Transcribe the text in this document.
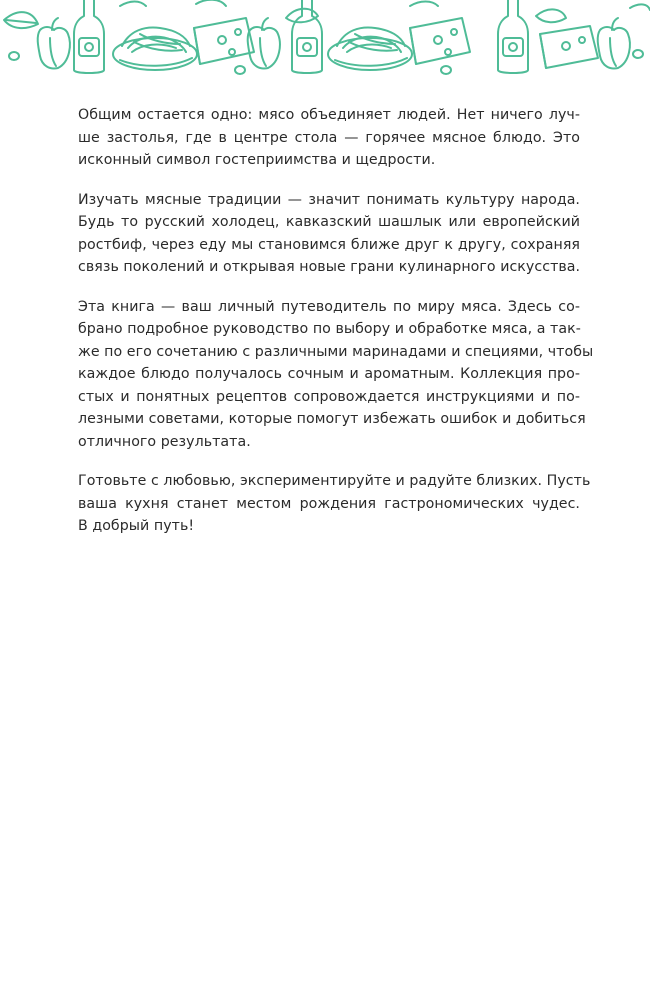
Общим остается одно: мясо объединяет людей. Нет ничего луч-
ше застолья, где в центре стола — горячее мясное блюдо. Это
исконный символ гостеприимства и щедрости.

Изучать мясные традиции — значит понимать культуру народа.
Будь то русский холодец, кавказский шашлык или европейский
ростбиф, через еду мы становимся ближе друг к другу, сохраняя
связь поколений и открывая новые грани кулинарного искусства.

Эта книга — ваш личный путеводитель по миру мяса. Здесь со-
брано подробное руководство по выбору и обработке мяса, а так-
же по его сочетанию с различными маринадами и специями, чтобы
каждое блюдо получалось сочным и ароматным. Коллекция про-
стых и понятных рецептов сопровождается инструкциями и по-
лезными советами, которые помогут избежать ошибок и добиться
отличного результата.

Готовьте с любовью, экспериментируйте и радуйте близких. Пусть
ваша кухня станет местом рождения гастрономических чудес.
В добрый путь!
